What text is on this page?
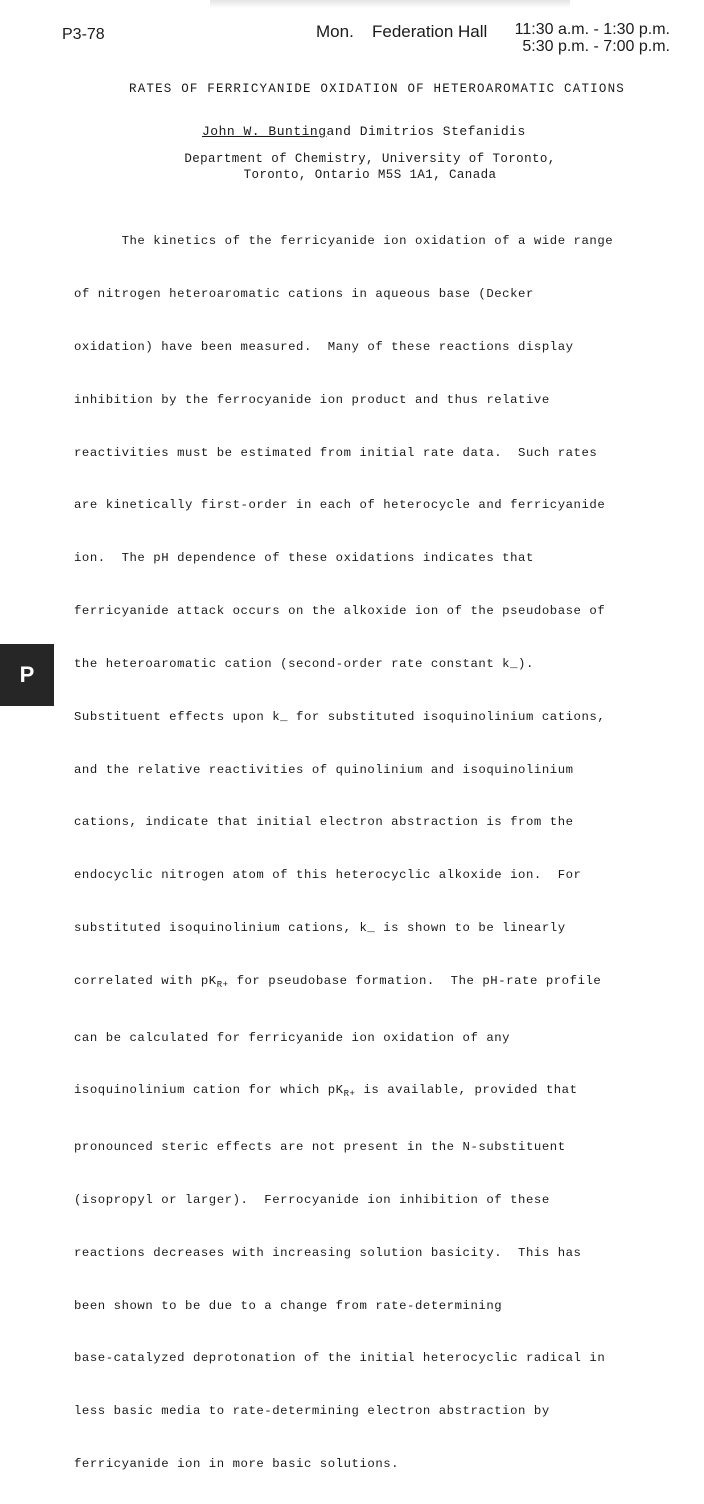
P3-78	Mon. Federation Hall	11:30 a.m. - 1:30 p.m.
5:30 p.m. - 7:00 p.m.
RATES OF FERRICYANIDE OXIDATION OF HETEROAROMATIC CATIONS
John W. Buntingand Dimitrios Stefanidis
Department of Chemistry, University of Toronto,
Toronto, Ontario M5S 1A1, Canada

The kinetics of the ferricyanide ion oxidation of a wide range

of nitrogen heteroaromatic cations in aqueous base (Decker

oxidation) have been measured.  Many of these reactions display

inhibition by the ferrocyanide ion product and thus relative

reactivities must be estimated from initial rate data.  Such rates

are kinetically first-order in each of heterocycle and ferricyanide

ion.  The pH dependence of these oxidations indicates that

ferricyanide attack occurs on the alkoxide ion of the pseudobase of

the heteroaromatic cation (second-order rate constant k_).

Substituent effects upon k_ for substituted isoquinolinium cations,

and the relative reactivities of quinolinium and isoquinolinium

cations, indicate that initial electron abstraction is from the

endocyclic nitrogen atom of this heterocyclic alkoxide ion.  For

substituted isoquinolinium cations, k_ is shown to be linearly

correlated with $pK_{R+}$ for pseudobase formation.  The pH-rate profile

can be calculated for ferricyanide ion oxidation of any

isoquinolinium cation for which $pK_{R+}$ is available, provided that

pronounced steric effects are not present in the N-substituent

(isopropyl or larger).  Ferrocyanide ion inhibition of these

reactions decreases with increasing solution basicity.  This has

been shown to be due to a change from rate-determining

base-catalyzed deprotonation of the initial heterocyclic radical in

less basic media to rate-determining electron abstraction by

ferricyanide ion in more basic solutions.

P
